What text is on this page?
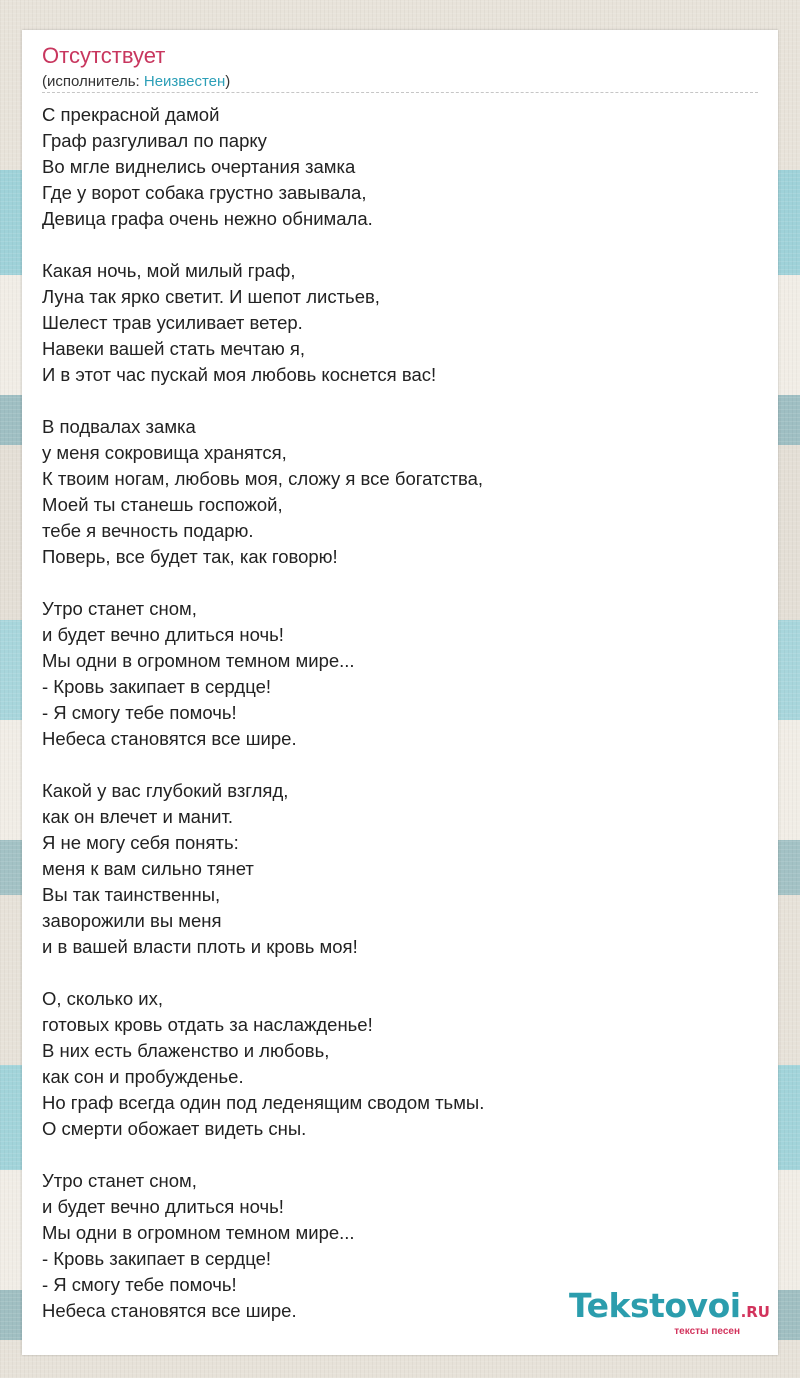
Отсутствует
(исполнитель: Неизвестен)

С прекрасной дамой
Граф разгуливал по парку
Во мгле виднелись очертания замка
Где у ворот собака грустно завывала,
Девица графа очень нежно обнимала.

Какая ночь, мой милый граф,
Луна так ярко светит. И шепот листьев,
Шелест трав усиливает ветер.
Навеки вашей стать мечтаю я,
И в этот час пускай моя любовь коснется вас!

В подвалах замка
у меня сокровища хранятся,
К твоим ногам, любовь моя, сложу я все богатства,
Моей ты станешь госпожой,
тебе я вечность подарю.
Поверь, все будет так, как говорю!

Утро станет сном,
и будет вечно длиться ночь!
Мы одни в огромном темном мире...
- Кровь закипает в сердце!
- Я смогу тебе помочь!
Небеса становятся все шире.

Какой у вас глубокий взгляд,
как он влечет и манит.
Я не могу себя понять:
меня к вам сильно тянет
Вы так таинственны,
заворожили вы меня
и в вашей власти плоть и кровь моя!

О, сколько их,
готовых кровь отдать за наслажденье!
В них есть блаженство и любовь,
как сон и пробужденье.
Но граф всегда один под леденящим сводом тьмы.
О смерти обожает видеть сны.

Утро станет сном,
и будет вечно длиться ночь!
Мы одни в огромном темном мире...
- Кровь закипает в сердце!
- Я смогу тебе помочь!
Небеса становятся все шире.	Tekstovoi.RU
тексты песен
